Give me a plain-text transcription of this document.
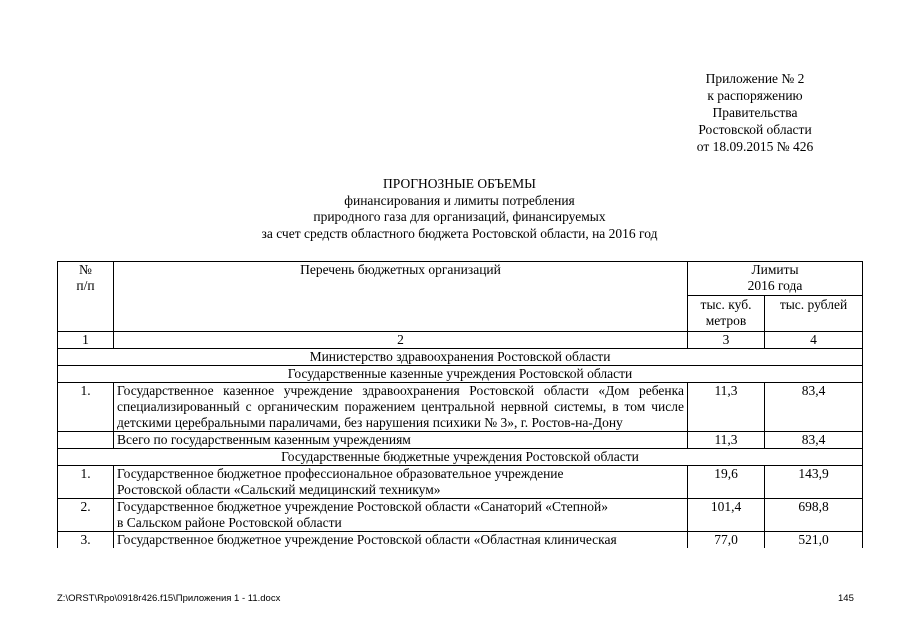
Приложение № 2
к распоряжению
Правительства
Ростовской области
от 18.09.2015 № 426
ПРОГНОЗНЫЕ ОБЪЕМЫ
финансирования и лимиты потребления
природного газа для организаций, финансируемых
за счет средств областного бюджета Ростовской области, на 2016 год
№ п/п	Перечень бюджетных организаций	Лимиты 2016 года	
		тыс. куб. метров	тыс. рублей
1	2	3	4
Министерство здравоохранения Ростовской области			
Государственные казенные учреждения Ростовской области			
1.	Государственное казенное учреждение здравоохранения Ростовской области «Дом ребенка специализированный с органическим поражением центральной нервной системы, в том числе детскими церебральными параличами, без нарушения психики № 3», г. Ростов-на-Дону	11,3	83,4
	Всего по государственным казенным учреждениям	11,3	83,4
Государственные бюджетные учреждения Ростовской области			
1.	Государственное бюджетное профессиональное образовательное учреждение
Ростовской области «Сальский медицинский техникум»	19,6	143,9
2.	Государственное бюджетное учреждение Ростовской области «Санаторий «Степной»
в Сальском районе Ростовской области	101,4	698,8
3.	Государственное бюджетное учреждение Ростовской области «Областная клиническая	77,0	521,0
Z:\ORST\Rpo\0918r426.f15\Приложения 1 - 11.docx	145
